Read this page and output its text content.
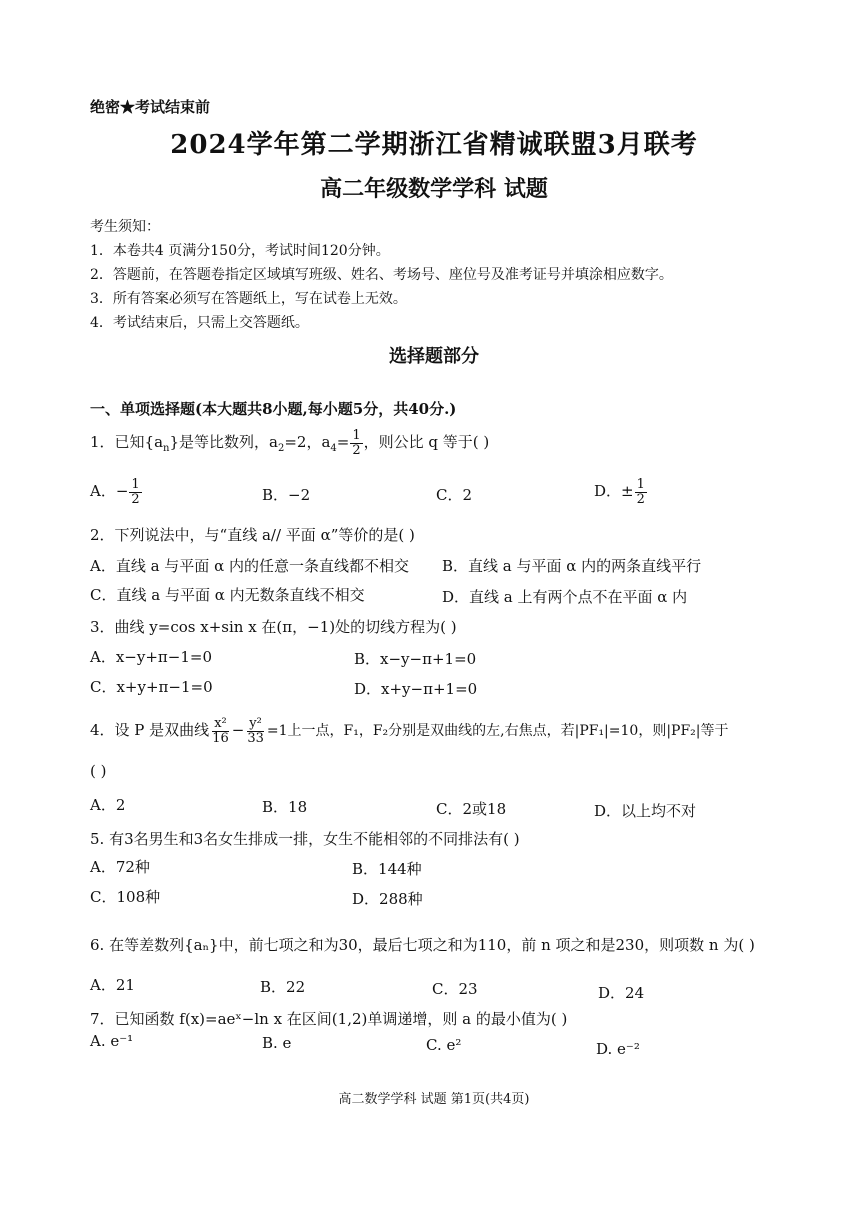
绝密★考试结束前
2024学年第二学期浙江省精诚联盟3月联考
高二年级数学学科 试题
考生须知：
1．本卷共4 页满分150分，考试时间120分钟。
2．答题前，在答题卷指定区域填写班级、姓名、考场号、座位号及准考证号并填涂相应数字。
3．所有答案必须写在答题纸上，写在试卷上无效。
4．考试结束后，只需上交答题纸。
选择题部分
一、单项选择题(本大题共8小题,每小题5分，共40分.)
1．已知$\{a_n\}$是等比数列，$a_2=2$，$a_4= \frac{1}{2}$ ，则公比 q 等于( )
A．− $\frac{1}{2}$	B．−2	C．2	D．± $\frac{1}{2}$
2．下列说法中，与“直线 a// 平面 α”等价的是( )
A．直线 a 与平面 α 内的任意一条直线都不相交 B．直线 a 与平面 α 内的两条直线平行
C．直线 a 与平面 α 内无数条直线不相交	D．直线 a 上有两个点不在平面 α 内
3．曲线 y=cos x+sin x 在(π，−1)处的切线方程为( )
A．x−y+π−1=0	B．x−y−π+1=0
C．x+y+π−1=0	D．x+y−π+1=0
4．设 P 是双曲线 $\frac{\text{x²}}{16} - \frac{\text{y²}}{33} =1$上一点，F₁，F₂分别是双曲线的左,右焦点，若|PF₁|=10，则|PF₂|等于
( )
A．2	B．18	C．2或18	D．以上均不对
5. 有3名男生和3名女生排成一排，女生不能相邻的不同排法有( )
A．72种	B．144种
C．108种	D．288种
6. 在等差数列{aₙ}中，前七项之和为30，最后七项之和为110，前 n 项之和是230，则项数 n 为( )
A．21	B．22	C．23	D．24
7．已知函数 f(x)=aeˣ−ln x 在区间(1,2)单调递增，则 a 的最小值为( )
A. e⁻¹	B. e	C. e²	D. e⁻²
高二数学学科 试题 第1页(共4页)
